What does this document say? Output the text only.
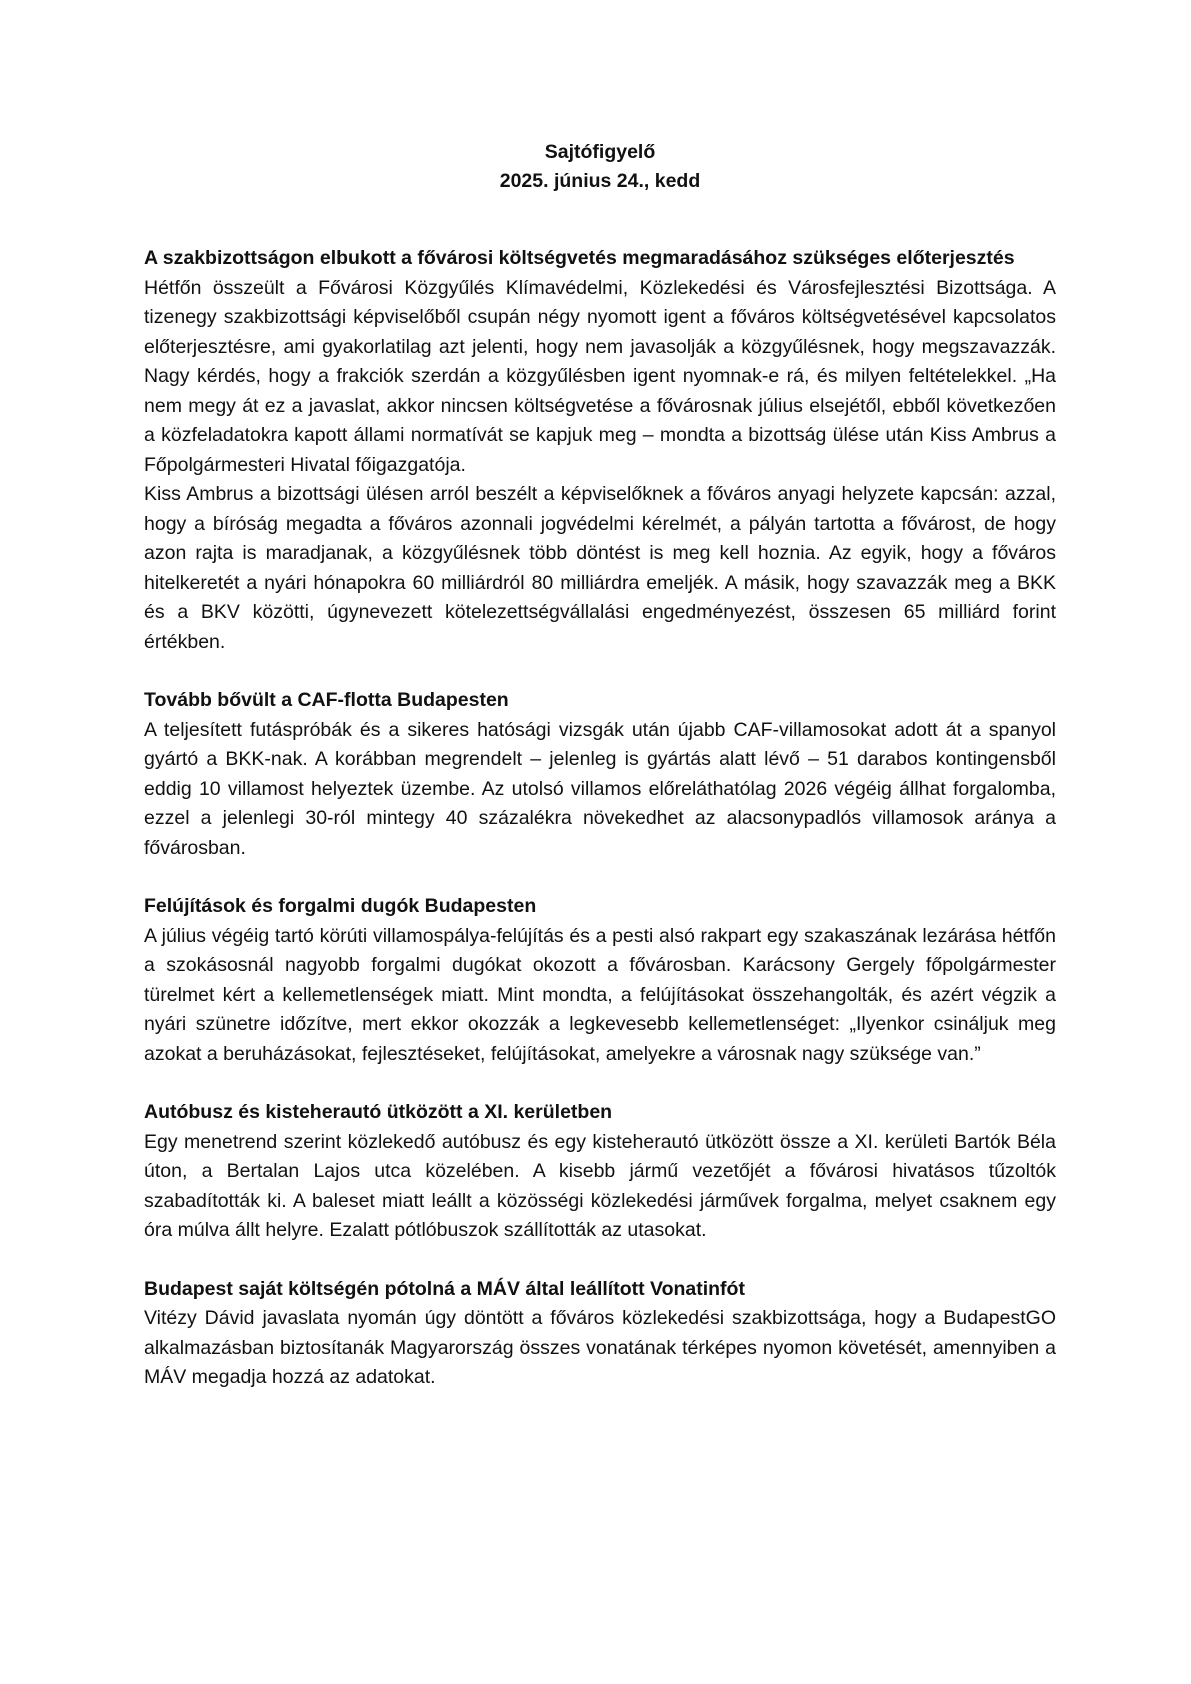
Sajtófigyelő
2025. június 24., kedd
A szakbizottságon elbukott a fővárosi költségvetés megmaradásához szükséges előterjesztés

Hétfőn összeült a Fővárosi Közgyűlés Klímavédelmi, Közlekedési és Városfejlesztési Bizottsága. A tizenegy szakbizottsági képviselőből csupán négy nyomott igent a főváros költségvetésével kapcsolatos előterjesztésre, ami gyakorlatilag azt jelenti, hogy nem javasolják a közgyűlésnek, hogy megszavazzák. Nagy kérdés, hogy a frakciók szerdán a közgyűlésben igent nyomnak-e rá, és milyen feltételekkel. „Ha nem megy át ez a javaslat, akkor nincsen költségvetése a fővárosnak július elsejétől, ebből következően a közfeladatokra kapott állami normatívát se kapjuk meg – mondta a bizottság ülése után Kiss Ambrus a Főpolgármesteri Hivatal főigazgatója.

Kiss Ambrus a bizottsági ülésen arról beszélt a képviselőknek a főváros anyagi helyzete kapcsán: azzal, hogy a bíróság megadta a főváros azonnali jogvédelmi kérelmét, a pályán tartotta a fővárost, de hogy azon rajta is maradjanak, a közgyűlésnek több döntést is meg kell hoznia. Az egyik, hogy a főváros hitelkeretét a nyári hónapokra 60 milliárdról 80 milliárdra emeljék. A másik, hogy szavazzák meg a BKK és a BKV közötti, úgynevezett kötelezettségvállalási engedményezést, összesen 65 milliárd forint értékben.

Tovább bővült a CAF-flotta Budapesten

A teljesített futáspróbák és a sikeres hatósági vizsgák után újabb CAF-villamosokat adott át a spanyol gyártó a BKK-nak. A korábban megrendelt – jelenleg is gyártás alatt lévő – 51 darabos kontingensből eddig 10 villamost helyeztek üzembe. Az utolsó villamos előreláthatólag 2026 végéig állhat forgalomba, ezzel a jelenlegi 30-ról mintegy 40 százalékra növekedhet az alacsonypadlós villamosok aránya a fővárosban.

Felújítások és forgalmi dugók Budapesten

A július végéig tartó körúti villamospálya-felújítás és a pesti alsó rakpart egy szakaszának lezárása hétfőn a szokásosnál nagyobb forgalmi dugókat okozott a fővárosban. Karácsony Gergely főpolgármester türelmet kért a kellemetlenségek miatt. Mint mondta, a felújításokat összehangolták, és azért végzik a nyári szünetre időzítve, mert ekkor okozzák a legkevesebb kellemetlenséget: „Ilyenkor csináljuk meg azokat a beruházásokat, fejlesztéseket, felújításokat, amelyekre a városnak nagy szüksége van.”

Autóbusz és kisteherautó ütközött a XI. kerületben

Egy menetrend szerint közlekedő autóbusz és egy kisteherautó ütközött össze a XI. kerületi Bartók Béla úton, a Bertalan Lajos utca közelében. A kisebb jármű vezetőjét a fővárosi hivatásos tűzoltók szabadították ki. A baleset miatt leállt a közösségi közlekedési járművek forgalma, melyet csaknem egy óra múlva állt helyre. Ezalatt pótlóbuszok szállították az utasokat.

Budapest saját költségén pótolná a MÁV által leállított Vonatinfót

Vitézy Dávid javaslata nyomán úgy döntött a főváros közlekedési szakbizottsága, hogy a BudapestGO alkalmazásban biztosítanák Magyarország összes vonatának térképes nyomon követését, amennyiben a MÁV megadja hozzá az adatokat.
